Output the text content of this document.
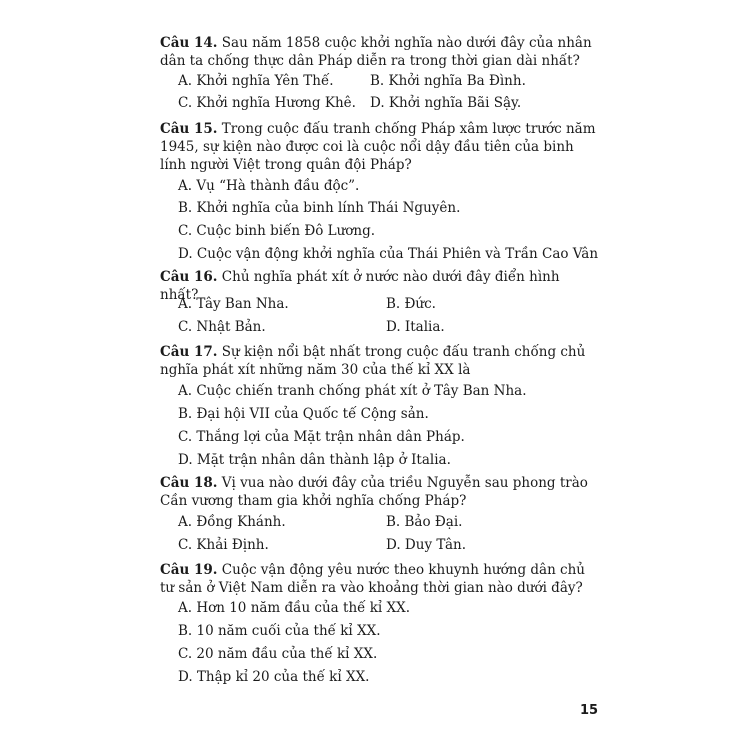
Câu 14. Sau năm 1858 cuộc khởi nghĩa nào dưới đây của nhân dân ta chống thực dân Pháp diễn ra trong thời gian dài nhất?

A. Khởi nghĩa Yên Thế.	B. Khởi nghĩa Ba Đình.
C. Khởi nghĩa Hương Khê. D. Khởi nghĩa Bãi Sậy.

Câu 15. Trong cuộc đấu tranh chống Pháp xâm lược trước năm 1945, sự kiện nào được coi là cuộc nổi dậy đầu tiên của binh lính người Việt trong quân đội Pháp?

A. Vụ “Hà thành đầu độc”.
B. Khởi nghĩa của binh lính Thái Nguyên.
C. Cuộc binh biến Đô Lương.
D. Cuộc vận động khởi nghĩa của Thái Phiên và Trần Cao Vân

Câu 16. Chủ nghĩa phát xít ở nước nào dưới đây điển hình nhất?

A. Tây Ban Nha.	B. Đức.
C. Nhật Bản.	D. Italia.

Câu 17. Sự kiện nổi bật nhất trong cuộc đấu tranh chống chủ nghĩa phát xít những năm 30 của thế kỉ XX là

A. Cuộc chiến tranh chống phát xít ở Tây Ban Nha.
B. Đại hội VII của Quốc tế Cộng sản.
C. Thắng lợi của Mặt trận nhân dân Pháp.
D. Mặt trận nhân dân thành lập ở Italia.

Câu 18. Vị vua nào dưới đây của triều Nguyễn sau phong trào Cần vương tham gia khởi nghĩa chống Pháp?

A. Đồng Khánh.	B. Bảo Đại.
C. Khải Định.	D. Duy Tân.

Câu 19. Cuộc vận động yêu nước theo khuynh hướng dân chủ tư sản ở Việt Nam diễn ra vào khoảng thời gian nào dưới đây?

A. Hơn 10 năm đầu của thế kỉ XX.
B. 10 năm cuối của thế kỉ XX.
C. 20 năm đầu của thế kỉ XX.
D. Thập kỉ 20 của thế kỉ XX.
15
